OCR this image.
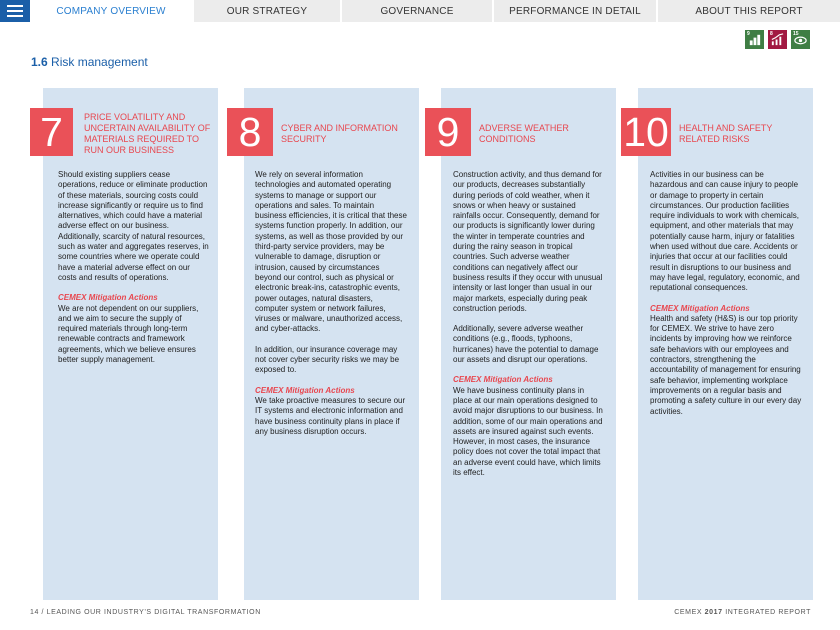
COMPANY OVERVIEW	OUR STRATEGY	GOVERNANCE	PERFORMANCE IN DETAIL	ABOUT THIS REPORT
9	8	15
1.6 Risk management
7	PRICE VOLATILITY AND UNCERTAIN AVAILABILITY OF MATERIALS REQUIRED TO RUN OUR BUSINESS

Should existing suppliers cease operations, reduce or eliminate production of these materials, sourcing costs could increase significantly or require us to find alternatives, which could have a material adverse effect on our business. Additionally, scarcity of natural resources, such as water and aggregates reserves, in some countries where we operate could have a material adverse effect on our costs and results of operations.

CEMEX Mitigation Actions
We are not dependent on our suppliers, and we aim to secure the supply of required materials through long-term renewable contracts and framework agreements, which we believe ensures better supply management.

8	CYBER AND INFORMATION SECURITY

We rely on several information technologies and automated operating systems to manage or support our operations and sales. To maintain business efficiencies, it is critical that these systems function properly. In addition, our systems, as well as those provided by our third-party service providers, may be vulnerable to damage, disruption or intrusion, caused by circumstances beyond our control, such as physical or electronic break-ins, catastrophic events, power outages, natural disasters, computer system or network failures, viruses or malware, unauthorized access, and cyber-attacks.

In addition, our insurance coverage may not cover cyber security risks we may be exposed to.

CEMEX Mitigation Actions
We take proactive measures to secure our IT systems and electronic information and have business continuity plans in place if any business disruption occurs.

9	ADVERSE WEATHER CONDITIONS

Construction activity, and thus demand for our products, decreases substantially during periods of cold weather, when it snows or when heavy or sustained rainfalls occur. Consequently, demand for our products is significantly lower during the winter in temperate countries and during the rainy season in tropical countries. Such adverse weather conditions can negatively affect our business results if they occur with unusual intensity or last longer than usual in our major markets, especially during peak construction periods.

Additionally, severe adverse weather conditions (e.g., floods, typhoons, hurricanes) have the potential to damage our assets and disrupt our operations.

CEMEX Mitigation Actions
We have business continuity plans in place at our main operations designed to avoid major disruptions to our business. In addition, some of our main operations and assets are insured against such events. However, in most cases, the insurance policy does not cover the total impact that an adverse event could have, which limits its effect.

10 HEALTH AND SAFETY RELATED RISKS

Activities in our business can be hazardous and can cause injury to people or damage to property in certain circumstances. Our production facilities require individuals to work with chemicals, equipment, and other materials that may potentially cause harm, injury or fatalities when used without due care. Accidents or injuries that occur at our facilities could result in disruptions to our business and may have legal, regulatory, economic, and reputational consequences.

CEMEX Mitigation Actions
Health and safety (H&S) is our top priority for CEMEX. We strive to have zero incidents by improving how we reinforce safe behaviors with our employees and contractors, strengthening the accountability of management for ensuring safe behavior, implementing workplace improvements on a regular basis and promoting a safety culture in our every day activities.

14 / LEADING OUR INDUSTRY'S DIGITAL TRANSFORMATION	CEMEX 2017 INTEGRATED REPORT
